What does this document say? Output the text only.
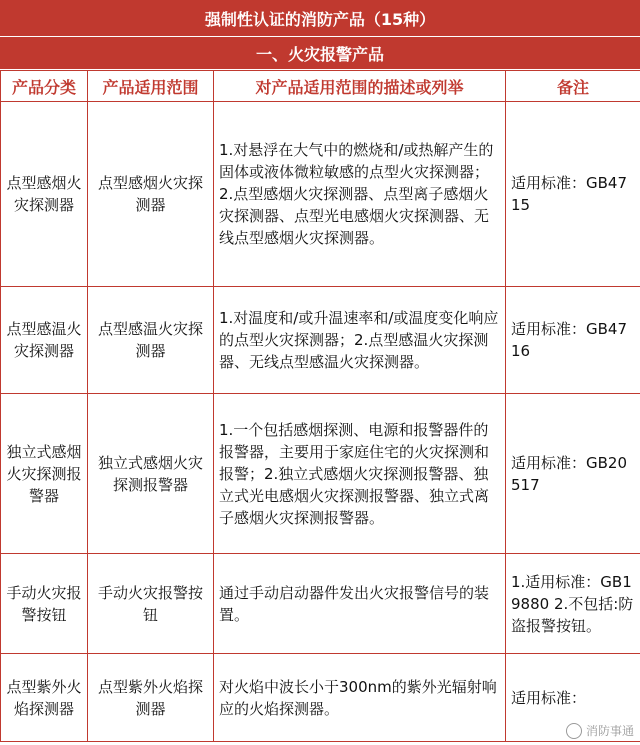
强制性认证的消防产品（15种）
一、火灾报警产品
产品分类	产品适用范围	对产品适用范围的描述或列举	备注
点型感烟火灾探测器	点型感烟火灾探测器	1.对悬浮在大气中的燃烧和/或热解产生的固体或液体微粒敏感的点型火灾探测器；2.点型感烟火灾探测器、点型离子感烟火灾探测器、点型光电感烟火灾探测器、无线点型感烟火灾探测器。	适用标准：GB4715
点型感温火灾探测器	点型感温火灾探测器	1.对温度和/或升温速率和/或温度变化响应的点型火灾探测器；2.点型感温火灾探测器、无线点型感温火灾探测器。	适用标准：GB4716
独立式感烟火灾探测报警器	独立式感烟火灾探测报警器	1.一个包括感烟探测、电源和报警器件的报警器，主要用于家庭住宅的火灾探测和报警；2.独立式感烟火灾探测报警器、独立式光电感烟火灾探测报警器、独立式离子感烟火灾探测报警器。	适用标准：GB20517
手动火灾报警按钮	手动火灾报警按钮	通过手动启动器件发出火灾报警信号的装置。	1.适用标准：GB19880 2.不包括:防盗报警按钮。
点型紫外火焰探测器	点型紫外火焰探测器	对火焰中波长小于300nm的紫外光辐射响应的火焰探测器。	适用标准：
消防事通
